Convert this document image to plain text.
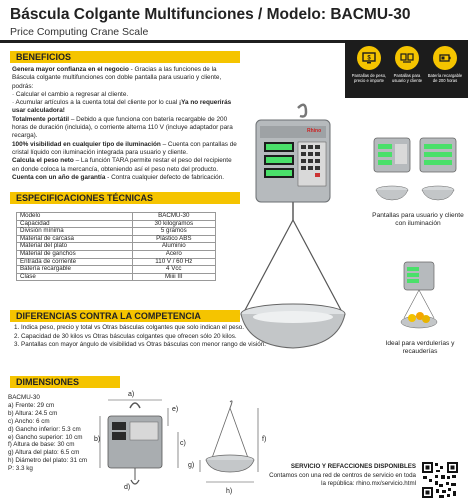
Báscula Colgante Multifunciones / Modelo: BACMU-30
Price Computing Crane Scale
$
Pantallas de peso, precio e importe
Pantallas para usuario y cliente
Batería recargable de 200 horas
BENEFICIOS
Genera mayor confianza en el negocio - Gracias a las funciones de la Báscula colgante multifunciones con doble pantalla para usuario y cliente, podrás:
· Calcular el cambio a regresar al cliente.
· Acumular artículos a la cuenta total del cliente por lo cual ¡Ya no requerirás usar calculadora!
Totalmente portátil – Debido a que funciona con batería recargable de 200 horas de duración (incluida), o corriente alterna 110 V (incluye adaptador para recarga).
100% visibilidad en cualquier tipo de iluminación – Cuenta con pantallas de cristal líquido con iluminación integrada para usuario y cliente.
Calcula el peso neto – La función TARA permite restar el peso del recipiente en donde coloca la mercancía, obteniendo así el peso neto del producto.
Cuenta con un año de garantía - Contra cualquier defecto de fabricación.
ESPECIFICACIONES TÉCNICAS
Modelo	BACMU-30
Capacidad	30 kilogramos
División mínima	5 gramos
Material de carcasa	Plástico ABS
Material del plato	Aluminio
Material de ganchos	Acero
Entrada de corriente	110 V / 60 Hz
Batería recargable	4 Vcc
Clase	Miiii III
DIFERENCIAS CONTRA LA COMPETENCIA
1. Indica peso, precio y total vs Otras básculas colgantes que solo indican el peso.
2. Capacidad de 30 kilos vs Otras básculas colgantes que ofrecen sólo 20 kilos.
3. Pantallas con mayor ángulo de visibilidad vs Otras básculas con menor rango de visión.
DIMENSIONES
BACMU-30
a) Frente: 29 cm
b) Altura: 24.5 cm
c) Ancho: 6 cm
d) Gancho inferior: 5.3 cm
e) Gancho superior: 10 cm
f) Altura de base: 30 cm
g) Altura del plato: 6.5 cm
h) Diámetro del plato: 31 cm
P: 3.3 kg
a)
e)
b)
c)
d)
f)
g)
h)
Rhino
Pantallas para usuario y cliente con iluminación
Ideal para verdulerías y recauderías
SERVICIO Y REFACCIONES DISPONIBLES
Contamos con una red de centros de servicio en toda
la república: rhino.mx/servicio.html
